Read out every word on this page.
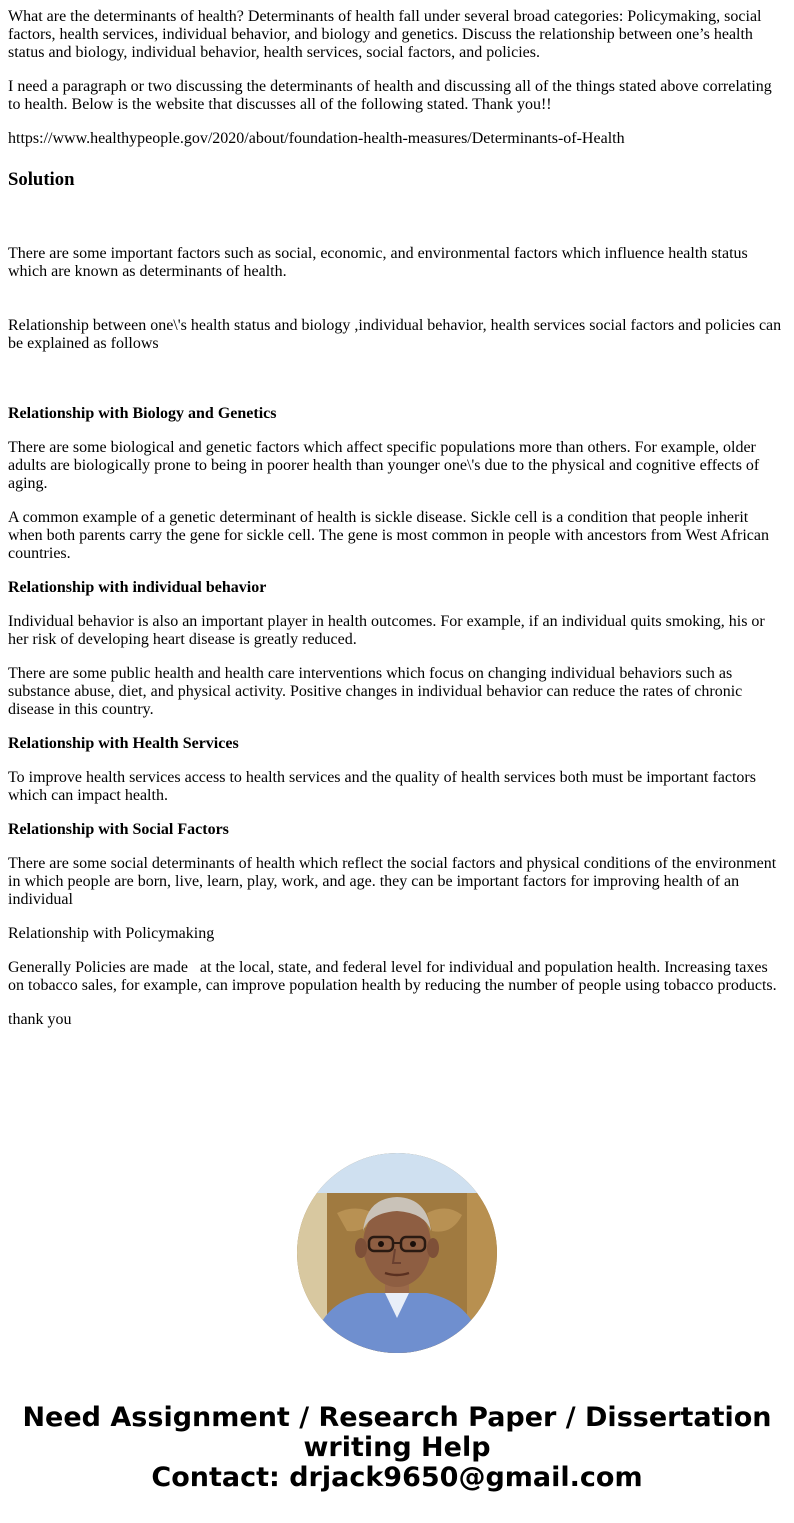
What are the determinants of health? Determinants of health fall under several broad categories: Policymaking, social factors, health services, individual behavior, and biology and genetics. Discuss the relationship between one’s health status and biology, individual behavior, health services, social factors, and policies.

I need a paragraph or two discussing the determinants of health and discussing all of the things stated above correlating to health. Below is the website that discusses all of the following stated. Thank you!!

https://www.healthypeople.gov/2020/about/foundation-health-measures/Determinants-of-Health

Solution

There are some important factors such as social, economic, and environmental factors which influence health status which are known as determinants of health.

Relationship between one\'s health status and biology ,individual behavior, health services social factors and policies can be explained as follows

Relationship with Biology and Genetics

There are some biological and genetic factors which affect specific populations more than others. For example, older adults are biologically prone to being in poorer health than younger one\'s due to the physical and cognitive effects of aging.

A common example of a genetic determinant of health is sickle disease. Sickle cell is a condition that people inherit when both parents carry the gene for sickle cell. The gene is most common in people with ancestors from West African countries.

Relationship with individual behavior

Individual behavior is also an important player in health outcomes. For example, if an individual quits smoking, his or her risk of developing heart disease is greatly reduced.

There are some public health and health care interventions which focus on changing individual behaviors such as substance abuse, diet, and physical activity. Positive changes in individual behavior can reduce the rates of chronic disease in this country.

Relationship with Health Services

To improve health services access to health services and the quality of health services both must be important factors which can impact health.

Relationship with Social Factors

There are some social determinants of health which reflect the social factors and physical conditions of the environment in which people are born, live, learn, play, work, and age. they can be important factors for improving health of an individual

Relationship with Policymaking

Generally Policies are made   at the local, state, and federal level for individual and population health. Increasing taxes on tobacco sales, for example, can improve population health by reducing the number of people using tobacco products.

thank you

Need Assignment / Research Paper / Dissertation
writing Help
Contact: drjack9650@gmail.com
